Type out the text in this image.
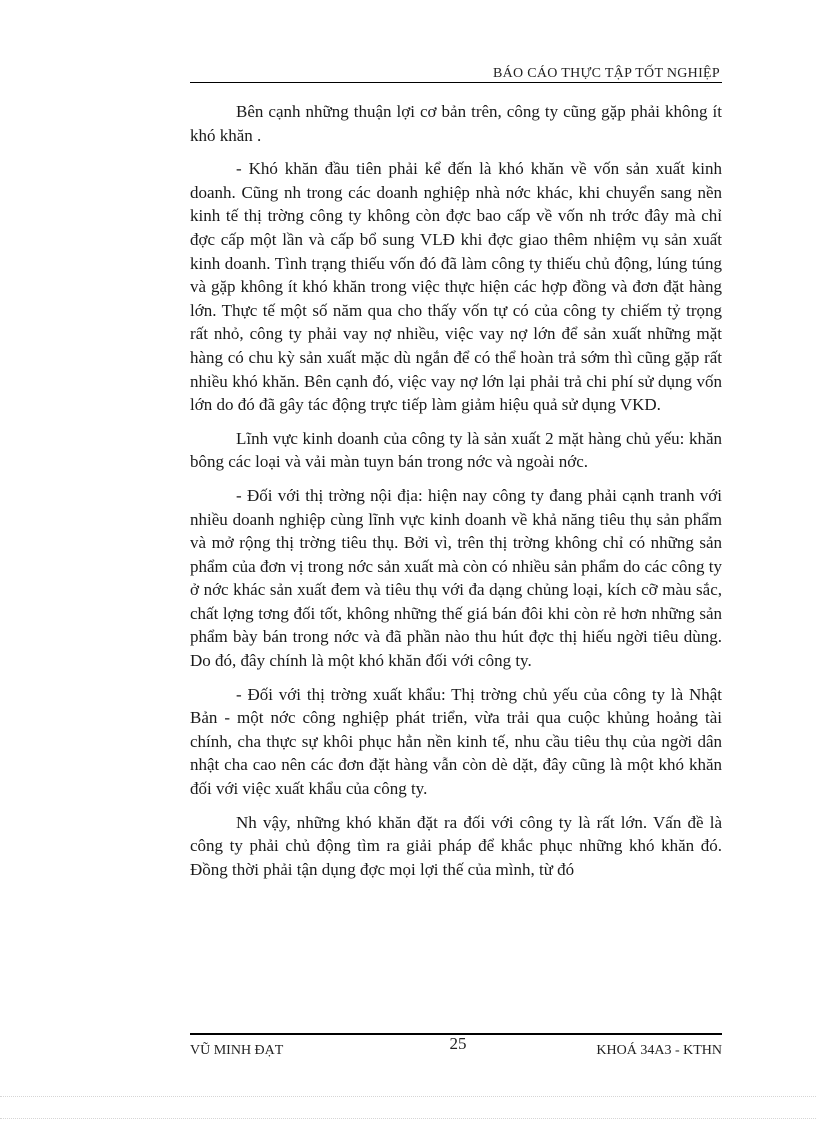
BÁO CÁO THỰC TẬP TỐT NGHIỆP

Bên cạnh những thuận lợi cơ bản trên, công ty cũng gặp phải không ít khó khăn .

- Khó khăn đầu tiên phải kể đến là khó khăn về vốn sản xuất kinh doanh. Cũng nh trong các doanh nghiệp nhà nớc khác, khi chuyển sang nền kinh tế thị trờng công ty không còn đợc bao cấp về vốn nh trớc đây mà chỉ đợc cấp một lần và cấp bổ sung VLĐ khi đợc giao thêm nhiệm vụ sản xuất kinh doanh. Tình trạng thiếu vốn đó đã làm công ty thiếu chủ động, lúng túng và gặp không ít khó khăn trong việc thực hiện các hợp đồng và đơn đặt hàng lớn. Thực tế một số năm qua cho thấy vốn tự có của công ty chiếm tỷ trọng rất nhỏ, công ty phải vay nợ nhiều, việc vay nợ lớn để sản xuất những mặt hàng có chu kỳ sản xuất mặc dù ngắn để có thể hoàn trả sớm thì cũng gặp rất nhiều khó khăn. Bên cạnh đó, việc vay nợ lớn lại phải trả chi phí sử dụng vốn lớn do đó đã gây tác động trực tiếp làm giảm hiệu quả sử dụng VKD.

Lĩnh vực kinh doanh của công ty là sản xuất 2 mặt hàng chủ yếu: khăn bông các loại và vải màn tuyn bán trong nớc và ngoài nớc.

- Đối với thị trờng nội địa: hiện nay công ty đang phải cạnh tranh với nhiều doanh nghiệp cùng lĩnh vực kinh doanh về khả năng tiêu thụ sản phẩm và mở rộng thị trờng tiêu thụ. Bởi vì, trên thị trờng không chỉ có những sản phẩm của đơn vị trong nớc sản xuất mà còn có nhiều sản phẩm do các công ty ở nớc khác sản xuất đem và tiêu thụ với đa dạng chủng loại, kích cỡ màu sắc, chất lợng tơng đối tốt, không những thế giá bán đôi khi còn rẻ hơn những sản phẩm bày bán trong nớc và đã phần nào thu hút đợc thị hiếu ngời tiêu dùng. Do đó, đây chính là một khó khăn đối với công ty.

- Đối với thị trờng xuất khẩu: Thị trờng chủ yếu của công ty là Nhật Bản - một nớc công nghiệp phát triển, vừa trải qua cuộc khủng hoảng tài chính, cha thực sự khôi phục hẳn nền kinh tế, nhu cầu tiêu thụ của ngời dân nhật cha cao nên các đơn đặt hàng vẫn còn dè dặt, đây cũng là một khó khăn đối với việc xuất khẩu của công ty.

Nh vậy, những khó khăn đặt ra đối với công ty là rất lớn. Vấn đề là công ty phải chủ động tìm ra giải pháp để khắc phục những khó khăn đó. Đồng thời phải tận dụng đợc mọi lợi thế của mình, từ đó

VŨ MINH ĐẠT	25	KHOÁ 34A3 - KTHN
